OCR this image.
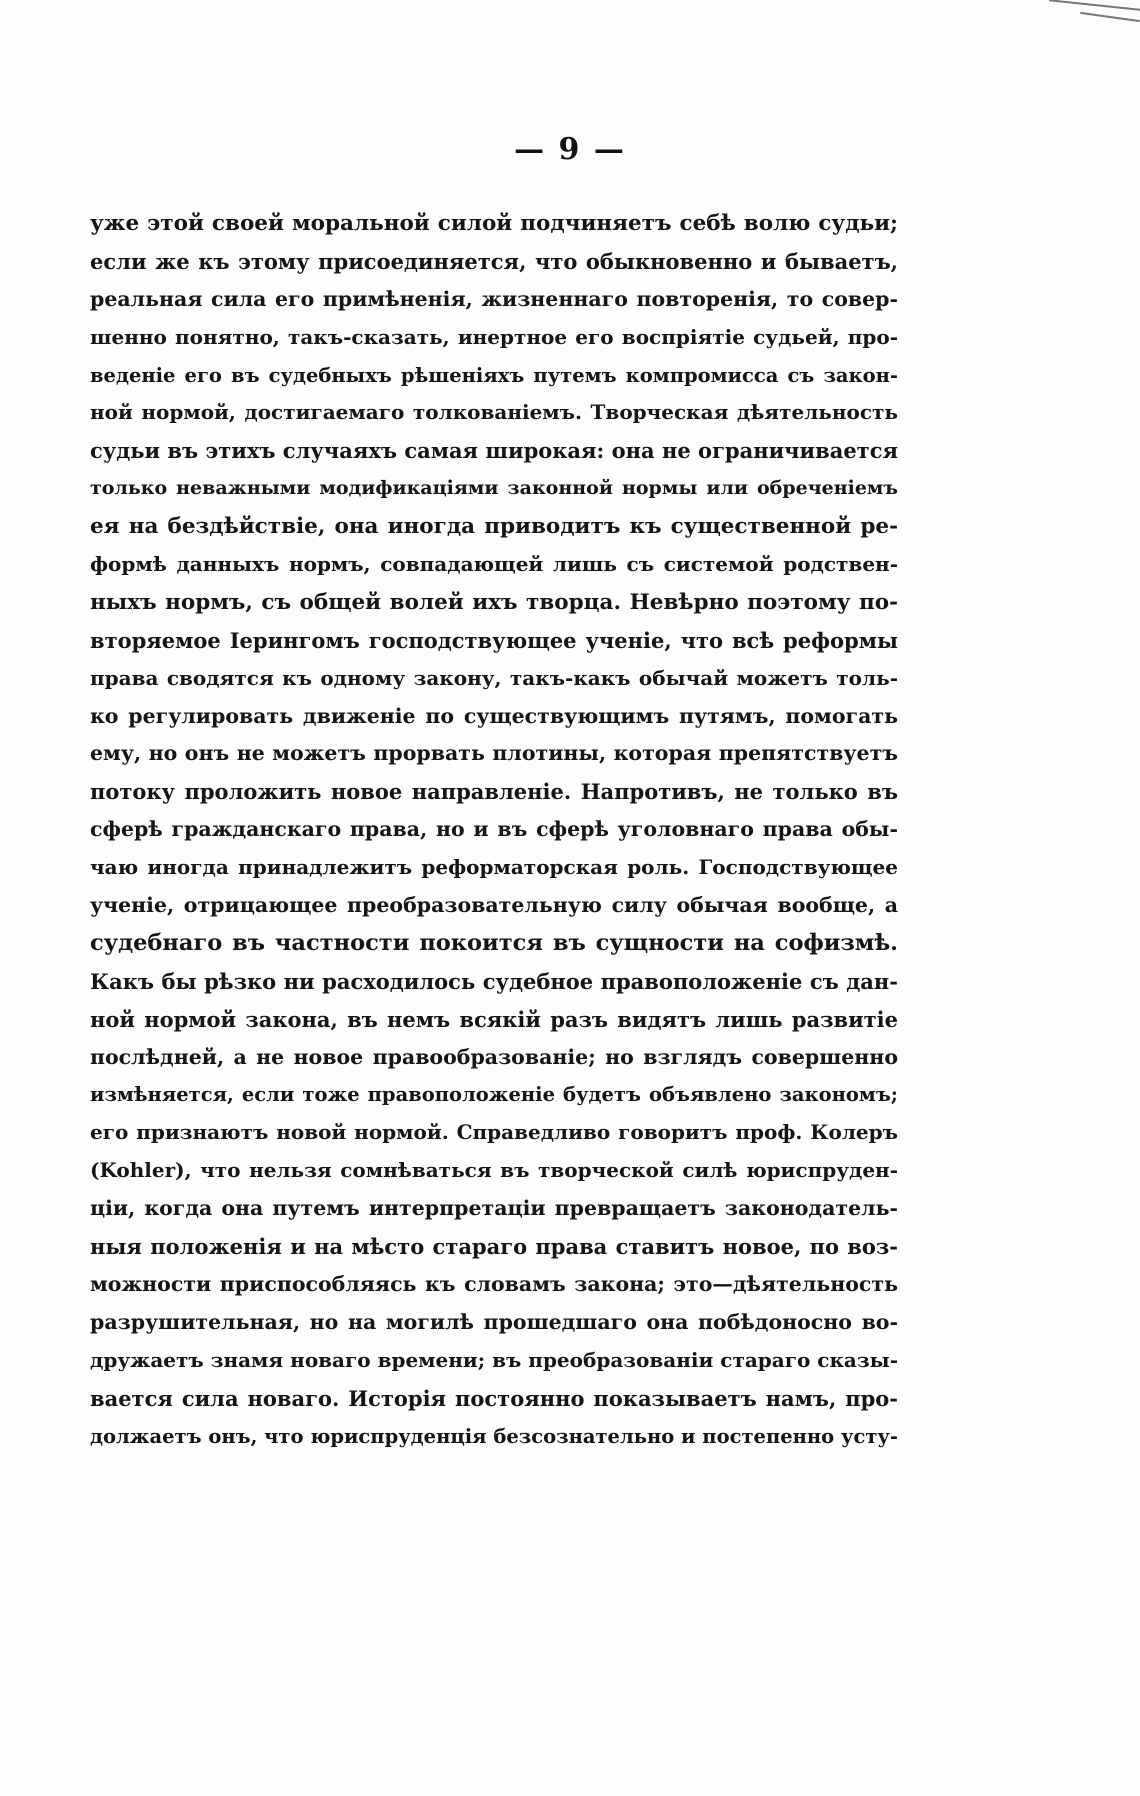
— 9 —
уже этой своей моральной силой подчиняетъ себѣ волю судьи;
если же къ этому присоединяется, что обыкновенно и бываетъ,
реальная сила его примѣненія, жизненнаго повторенія, то совер-
шенно понятно, такъ-сказать, инертное его воспріятіе судьей, про-
веденіе его въ судебныхъ рѣшеніяхъ путемъ компромисса съ закон-
ной нормой, достигаемаго толкованіемъ. Творческая дѣятельность
судьи въ этихъ случаяхъ самая широкая: она не ограничивается
только неважными модификаціями законной нормы или обреченіемъ
ея на бездѣйствіе, она иногда приводитъ къ существенной ре-
формѣ данныхъ нормъ, совпадающей лишь съ системой родствен-
ныхъ нормъ, съ общей волей ихъ творца. Невѣрно поэтому по-
вторяемое Іерингомъ господствующее ученіе, что всѣ реформы
права сводятся къ одному закону, такъ-какъ обычай можетъ толь-
ко регулировать движеніе по существующимъ путямъ, помогать
ему, но онъ не можетъ прорвать плотины, которая препятствуетъ
потоку проложить новое направленіе. Напротивъ, не только въ
сферѣ гражданскаго права, но и въ сферѣ уголовнаго права обы-
чаю иногда принадлежитъ реформаторская роль. Господствующее
ученіе, отрицающее преобразовательную силу обычая вообще, а
судебнаго въ частности покоится въ сущности на софизмѣ.
Какъ бы рѣзко ни расходилось судебное правоположеніе съ дан-
ной нормой закона, въ немъ всякій разъ видятъ лишь развитіе
послѣдней, а не новое правообразованіе; но взглядъ совершенно
измѣняется, если тоже правоположеніе будетъ объявлено закономъ;
его признаютъ новой нормой. Справедливо говоритъ проф. Колеръ
(Kohler), что нельзя сомнѣваться въ творческой силѣ юриспруден-
ціи, когда она путемъ интерпретаціи превращаетъ законодатель-
ныя положенія и на мѣсто стараго права ставитъ новое, по воз-
можности приспособляясь къ словамъ закона; это—дѣятельность
разрушительная, но на могилѣ прошедшаго она побѣдоносно во-
дружаетъ знамя новаго времени; въ преобразованіи стараго сказы-
вается сила новаго. Исторія постоянно показываетъ намъ, про-
должаетъ онъ, что юриспруденція безсознательно и постепенно усту-
